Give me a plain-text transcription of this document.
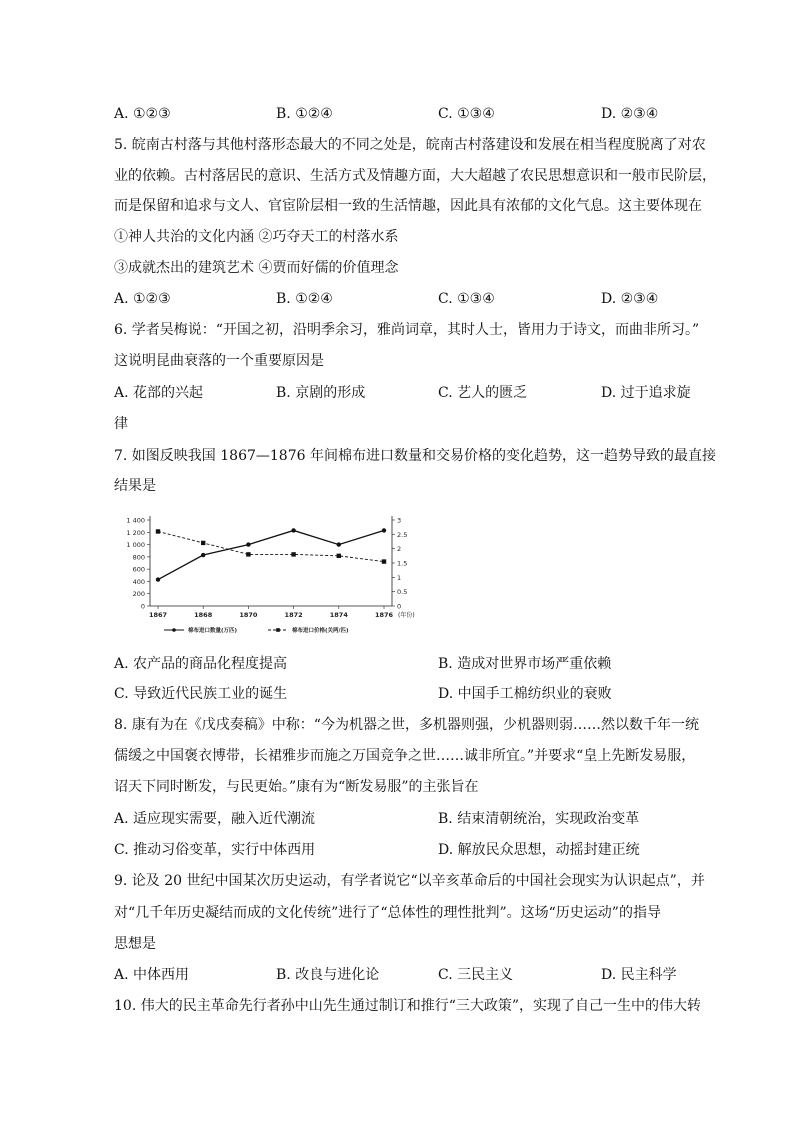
A. ①②③	B. ①②④	C. ①③④	D. ②③④
5. 皖南古村落与其他村落形态最大的不同之处是，皖南古村落建设和发展在相当程度脱离了对农
业的依赖。古村落居民的意识、生活方式及情趣方面，大大超越了农民思想意识和一般市民阶层，
而是保留和追求与文人、官宦阶层相一致的生活情趣，因此具有浓郁的文化气息。这主要体现在
①神人共治的文化内涵 ②巧夺天工的村落水系
③成就杰出的建筑艺术 ④贾而好儒的价值理念
A. ①②③	B. ①②④	C. ①③④	D. ②③④
6. 学者吴梅说：“开国之初，沿明季余习，雅尚词章，其时人士，皆用力于诗文，而曲非所习。”
这说明昆曲衰落的一个重要原因是
A. 花部的兴起	B. 京剧的形成	C. 艺人的匮乏	D. 过于追求旋
律
7. 如图反映我国 1867—1876 年间棉布进口数量和交易价格的变化趋势，这一趋势导致的最直接
结果是
1 400
1 200
1 000
800
600
400
200
0
3
2.5
2
1.5
1
0.5
0
1867	1868	1870	1872	1874	1876 (年份)
棉布进口数量(万匹)	棉布进口价格(关两/匹)
A. 农产品的商品化程度提高	B. 造成对世界市场严重依赖
C. 导致近代民族工业的诞生	D. 中国手工棉纺织业的衰败
8. 康有为在《戊戌奏稿》中称：“今为机器之世，多机器则强，少机器则弱……然以数千年一统
儒缓之中国褒衣博带，长裙雅步而施之万国竞争之世……诚非所宜。”并要求“皇上先断发易服，
诏天下同时断发，与民更始。”康有为“断发易服”的主张旨在
A. 适应现实需要，融入近代潮流	B. 结束清朝统治，实现政治变革
C. 推动习俗变革，实行中体西用	D. 解放民众思想，动摇封建正统
9. 论及 20 世纪中国某次历史运动，有学者说它“以辛亥革命后的中国社会现实为认识起点”，并
对“几千年历史凝结而成的文化传统”进行了“总体性的理性批判”。这场“历史运动”的指导
思想是
A. 中体西用	B. 改良与进化论	C. 三民主义	D. 民主科学
10. 伟大的民主革命先行者孙中山先生通过制订和推行“三大政策”，实现了自己一生中的伟大转
